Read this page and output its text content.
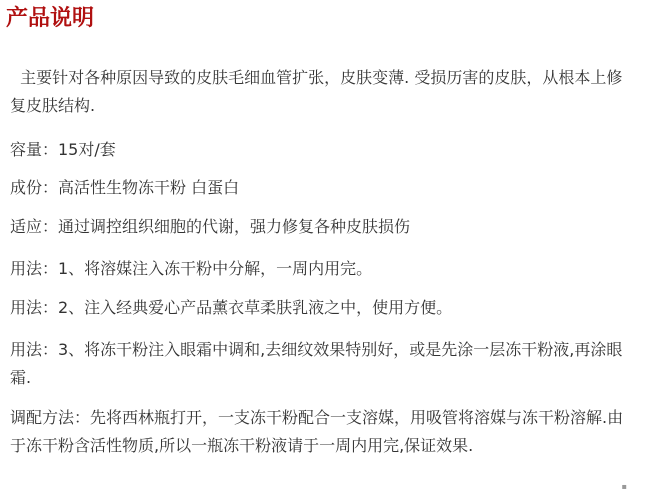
产品说明

主要针对各种原因导致的皮肤毛细血管扩张，皮肤变薄. 受损历害的皮肤，从根本上修复皮肤结构.

容量：15对/套

成份：高活性生物冻干粉 白蛋白

适应：通过调控组织细胞的代谢，强力修复各种皮肤损伤

用法：1、将溶媒注入冻干粉中分解，一周内用完。

用法：2、注入经典爱心产品薰衣草柔肤乳液之中，使用方便。

用法：3、将冻干粉注入眼霜中调和,去细纹效果特别好，或是先涂一层冻干粉液,再涂眼霜.

调配方法：先将西林瓶打开，一支冻干粉配合一支溶媒，用吸管将溶媒与冻干粉溶解.由于冻干粉含活性物质,所以一瓶冻干粉液请于一周内用完,保证效果.

▪
